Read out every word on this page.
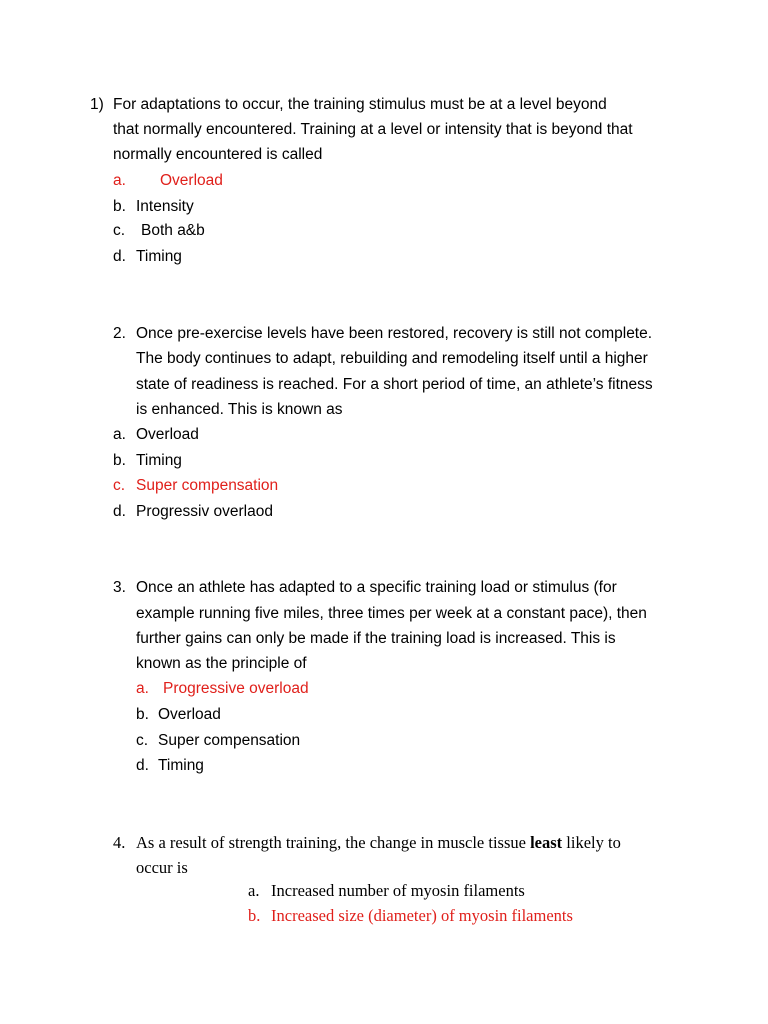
1) For adaptations to occur, the training stimulus must be at a level beyond
that normally encountered. Training at a level or intensity that is beyond that
normally encountered is called
a. Overload
b. Intensity
c. Both a&b
d. Timing
2. Once pre-exercise levels have been restored, recovery is still not complete.
The body continues to adapt, rebuilding and remodeling itself until a higher
state of readiness is reached. For a short period of time, an athlete’s fitness
is enhanced. This is known as
a. Overload
b. Timing
c. Super compensation
d. Progressiv overlaod
3. Once an athlete has adapted to a specific training load or stimulus (for
example running five miles, three times per week at a constant pace), then
further gains can only be made if the training load is increased. This is
known as the principle of
a. Progressive overload
b. Overload
c. Super compensation
d. Timing
4. As a result of strength training, the change in muscle tissue least likely to
occur is
a. Increased number of myosin filaments
b. Increased size (diameter) of myosin filaments
